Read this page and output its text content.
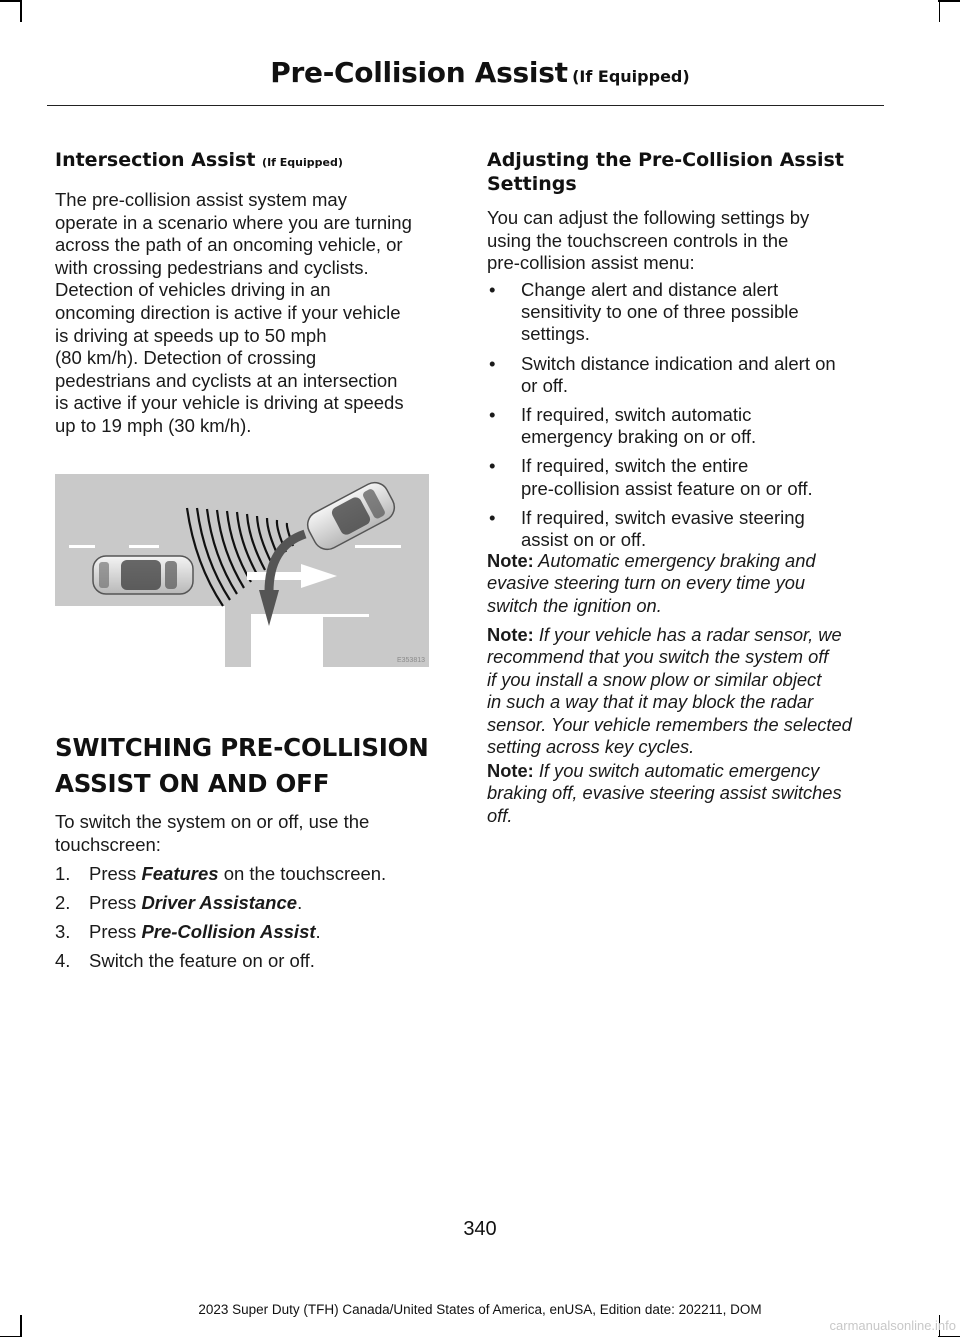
Pre-Collision Assist (If Equipped)
Intersection Assist (If Equipped)

The pre-collision assist system may
operate in a scenario where you are turning
across the path of an oncoming vehicle, or
with crossing pedestrians and cyclists.
Detection of vehicles driving in an
oncoming direction is active if your vehicle
is driving at speeds up to 50 mph
(80 km/h). Detection of crossing
pedestrians and cyclists at an intersection
is active if your vehicle is driving at speeds
up to 19 mph (30 km/h).

SWITCHING PRE-COLLISION
ASSIST ON AND OFF

To switch the system on or off, use the
touchscreen:

1. Press Features on the touchscreen.
2. Press Driver Assistance.
3. Press Pre-Collision Assist.
4. Switch the feature on or off.
E353813
Adjusting the Pre-Collision Assist
Settings

You can adjust the following settings by
using the touchscreen controls in the
pre-collision assist menu:

• Change alert and distance alert
sensitivity to one of three possible
settings.
• Switch distance indication and alert on
or off.
• If required, switch automatic
emergency braking on or off.
• If required, switch the entire
pre-collision assist feature on or off.
• If required, switch evasive steering
assist on or off.

Note: Automatic emergency braking and
evasive steering turn on every time you
switch the ignition on.

Note: If your vehicle has a radar sensor, we
recommend that you switch the system off
if you install a snow plow or similar object
in such a way that it may block the radar
sensor. Your vehicle remembers the selected
setting across key cycles.

Note: If you switch automatic emergency
braking off, evasive steering assist switches
off.

340
2023 Super Duty (TFH) Canada/United States of America, enUSA, Edition date: 202211, DOM
carmanualsonline.info
